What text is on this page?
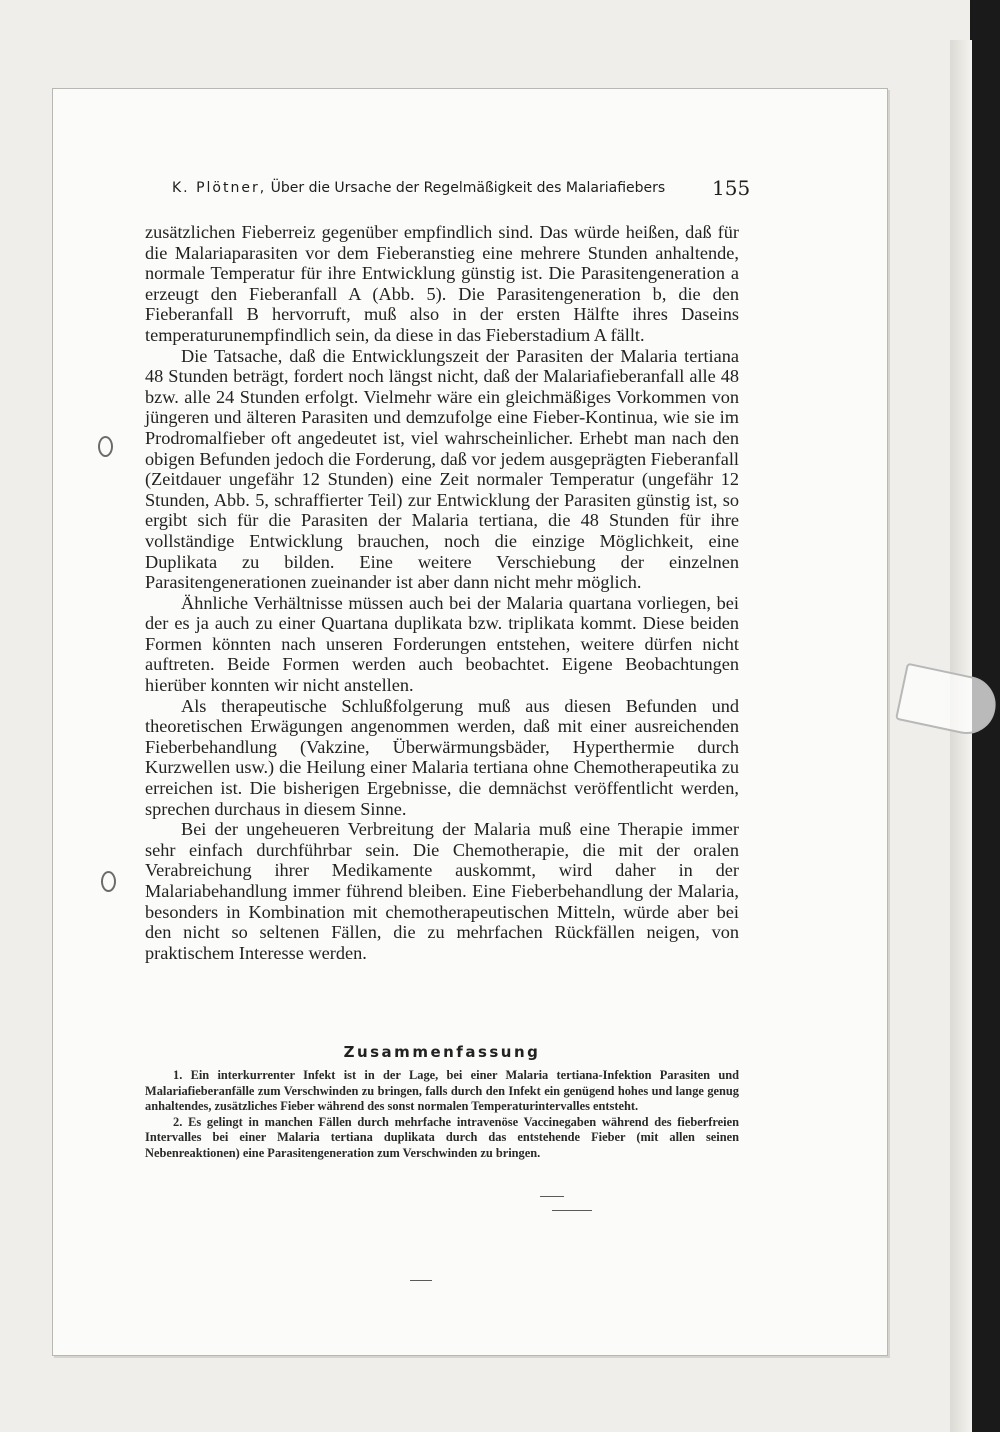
K. Plötner, Über die Ursache der Regelmäßigkeit des Malariafiebers 155

zusätzlichen Fieberreiz gegenüber empfindlich sind. Das würde heißen, daß für die Malariaparasiten vor dem Fieberanstieg eine mehrere Stunden anhaltende, normale Temperatur für ihre Entwicklung günstig ist. Die Parasitengeneration a erzeugt den Fieberanfall A (Abb. 5). Die Parasitengeneration b, die den Fieberanfall B hervorruft, muß also in der ersten Hälfte ihres Daseins temperaturunempfindlich sein, da diese in das Fieberstadium A fällt.

Die Tatsache, daß die Entwicklungszeit der Parasiten der Malaria tertiana 48 Stunden beträgt, fordert noch längst nicht, daß der Malariafieberanfall alle 48 bzw. alle 24 Stunden erfolgt. Vielmehr wäre ein gleichmäßiges Vorkommen von jüngeren und älteren Parasiten und demzufolge eine Fieber-Kontinua, wie sie im Prodromalfieber oft angedeutet ist, viel wahrscheinlicher. Erhebt man nach den obigen Befunden jedoch die Forderung, daß vor jedem ausgeprägten Fieberanfall (Zeitdauer ungefähr 12 Stunden) eine Zeit normaler Temperatur (ungefähr 12 Stunden, Abb. 5, schraffierter Teil) zur Entwicklung der Parasiten günstig ist, so ergibt sich für die Parasiten der Malaria tertiana, die 48 Stunden für ihre vollständige Entwicklung brauchen, noch die einzige Möglichkeit, eine Duplikata zu bilden. Eine weitere Verschiebung der einzelnen Parasitengenerationen zueinander ist aber dann nicht mehr möglich.

Ähnliche Verhältnisse müssen auch bei der Malaria quartana vorliegen, bei der es ja auch zu einer Quartana duplikata bzw. triplikata kommt. Diese beiden Formen könnten nach unseren Forderungen entstehen, weitere dürfen nicht auftreten. Beide Formen werden auch beobachtet. Eigene Beobachtungen hierüber konnten wir nicht anstellen.

Als therapeutische Schlußfolgerung muß aus diesen Befunden und theoretischen Erwägungen angenommen werden, daß mit einer ausreichenden Fieberbehandlung (Vakzine, Überwärmungsbäder, Hyperthermie durch Kurzwellen usw.) die Heilung einer Malaria tertiana ohne Chemotherapeutika zu erreichen ist. Die bisherigen Ergebnisse, die demnächst veröffentlicht werden, sprechen durchaus in diesem Sinne.

Bei der ungeheueren Verbreitung der Malaria muß eine Therapie immer sehr einfach durchführbar sein. Die Chemotherapie, die mit der oralen Verabreichung ihrer Medikamente auskommt, wird daher in der Malariabehandlung immer führend bleiben. Eine Fieberbehandlung der Malaria, besonders in Kombination mit chemotherapeutischen Mitteln, würde aber bei den nicht so seltenen Fällen, die zu mehrfachen Rückfällen neigen, von praktischem Interesse werden.

Zusammenfassung

1. Ein interkurrenter Infekt ist in der Lage, bei einer Malaria tertiana-Infektion Parasiten und Malariafieberanfälle zum Verschwinden zu bringen, falls durch den Infekt ein genügend hohes und lange genug anhaltendes, zusätzliches Fieber während des sonst normalen Temperaturintervalles entsteht.

2. Es gelingt in manchen Fällen durch mehrfache intravenöse Vaccinegaben während des fieberfreien Intervalles bei einer Malaria tertiana duplikata durch das entstehende Fieber (mit allen seinen Nebenreaktionen) eine Parasitengeneration zum Verschwinden zu bringen.
